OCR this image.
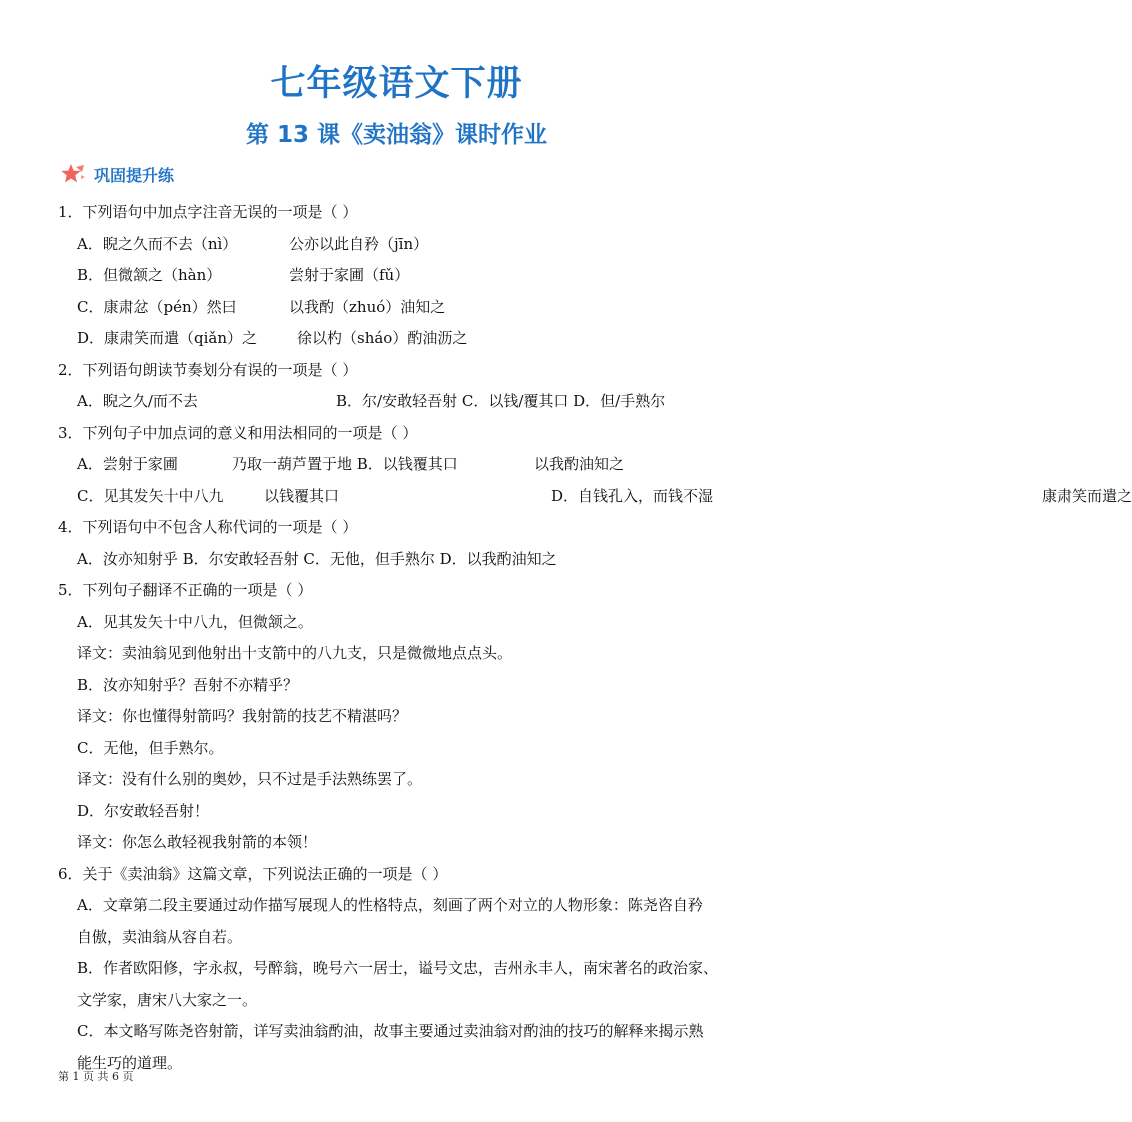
七年级语文下册
第 13 课《卖油翁》课时作业
巩固提升练
1．下列语句中加点字注音无误的一项是（ ）
A．睨之久而不去（nì）	公亦以此自矜（jīn）
B．但微颔之（hàn）	尝射于家圃（fǔ）
C．康肃忿（pén）然曰	以我酌（zhuó）油知之
D．康肃笑而遣（qiǎn）之	徐以杓（sháo）酌油沥之
2．下列语句朗读节奏划分有误的一项是（ ）
A．睨之久/而不去	B．尔/安敢轻吾射 C．以钱/覆其口 D．但/手熟尔
3．下列句子中加点词的意义和用法相同的一项是（ ）
A．尝射于家圃	乃取一葫芦置于地 B．以钱覆其口	以我酌油知之
C．见其发矢十中八九	以钱覆其口	D．自钱孔入，而钱不湿	康肃笑而遣之
4．下列语句中不包含人称代词的一项是（ ）
A．汝亦知射乎 B．尔安敢轻吾射 C．无他，但手熟尔 D．以我酌油知之
5．下列句子翻译不正确的一项是（ ）
A．见其发矢十中八九，但微颔之。
译文：卖油翁见到他射出十支箭中的八九支，只是微微地点点头。
B．汝亦知射乎？吾射不亦精乎？
译文：你也懂得射箭吗？我射箭的技艺不精湛吗？
C．无他，但手熟尔。
译文：没有什么别的奥妙，只不过是手法熟练罢了。
D．尔安敢轻吾射！
译文：你怎么敢轻视我射箭的本领！
6．关于《卖油翁》这篇文章，下列说法正确的一项是（ ）
A．文章第二段主要通过动作描写展现人的性格特点，刻画了两个对立的人物形象：陈尧咨自矜
自傲，卖油翁从容自若。
B．作者欧阳修，字永叔，号醉翁，晚号六一居士，谥号文忠，吉州永丰人，南宋著名的政治家、
文学家，唐宋八大家之一。
C．本文略写陈尧咨射箭，详写卖油翁酌油，故事主要通过卖油翁对酌油的技巧的解释来揭示熟
能生巧的道理。
第 1 页 共 6 页
